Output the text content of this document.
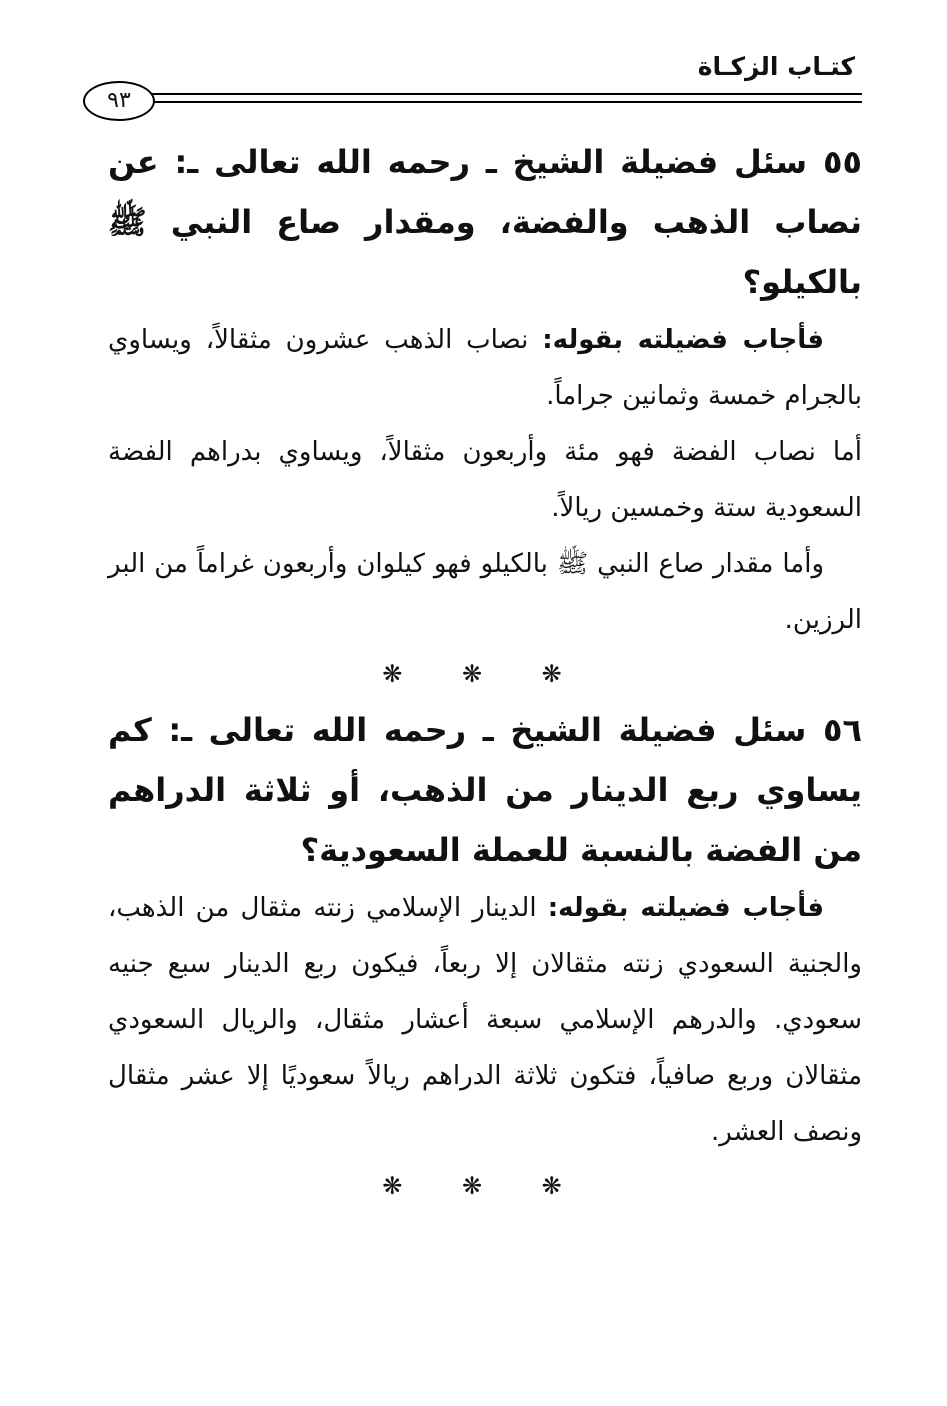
كتـاب الزكـاة
٩٣

٥٥ سئل فضيلة الشيخ ـ رحمه الله تعالى ـ: عن نصاب الذهب والفضة، ومقدار صاع النبي ﷺ بالكيلو؟

فأجاب فضيلته بقوله: نصاب الذهب عشرون مثقالاً، ويساوي بالجرام خمسة وثمانين جراماً.

أما نصاب الفضة فهو مئة وأربعون مثقالاً، ويساوي بدراهم الفضة السعودية ستة وخمسين ريالاً.

وأما مقدار صاع النبي ﷺ بالكيلو فهو كيلوان وأربعون غراماً من البر الرزين.

❋ ❋ ❋

٥٦ سئل فضيلة الشيخ ـ رحمه الله تعالى ـ: كم يساوي ربع الدينار من الذهب، أو ثلاثة الدراهم من الفضة بالنسبة للعملة السعودية؟

فأجاب فضيلته بقوله: الدينار الإسلامي زنته مثقال من الذهب، والجنية السعودي زنته مثقالان إلا ربعاً، فيكون ربع الدينار سبع جنيه سعودي. والدرهم الإسلامي سبعة أعشار مثقال، والريال السعودي مثقالان وربع صافياً، فتكون ثلاثة الدراهم ريالاً سعوديًا إلا عشر مثقال ونصف العشر.

❋ ❋ ❋
